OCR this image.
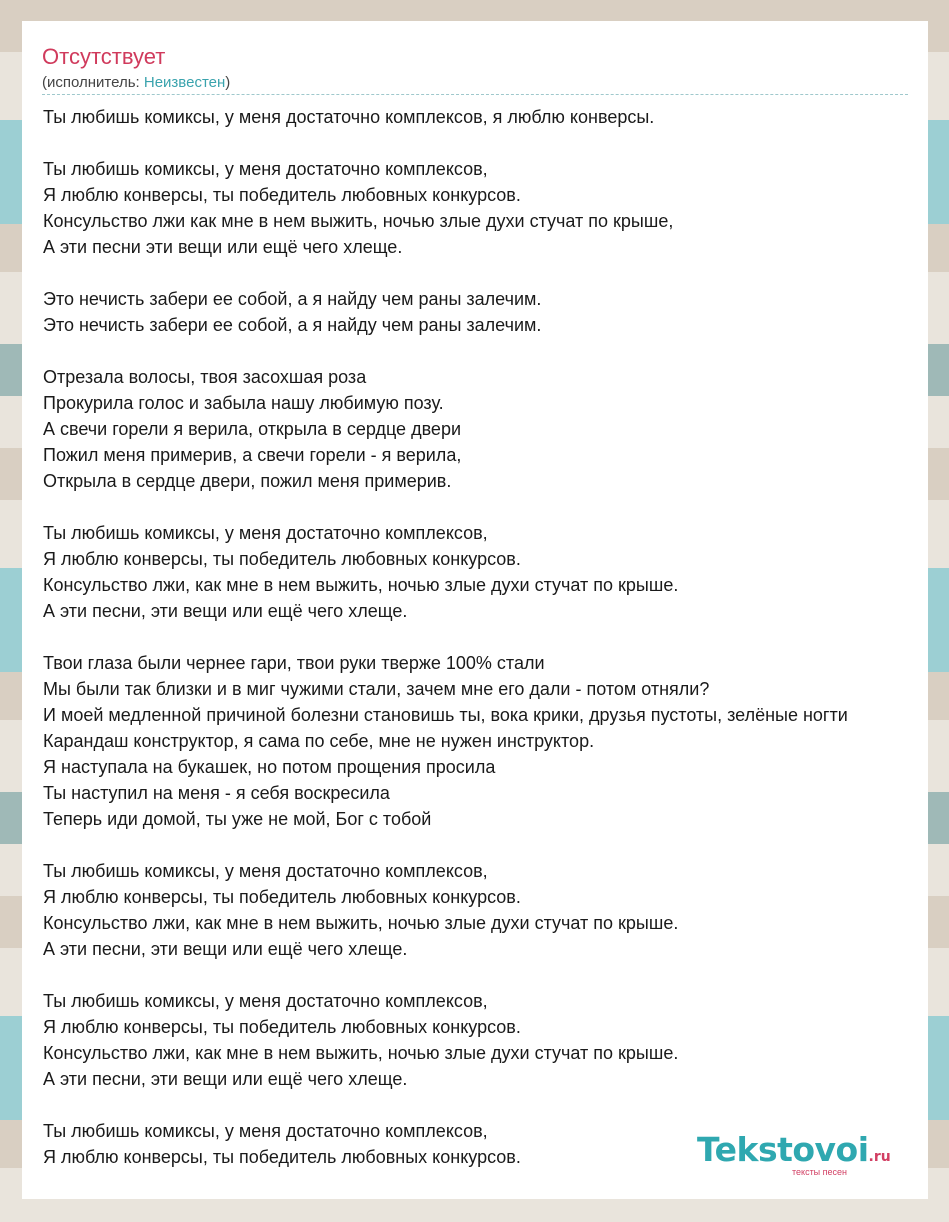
Отсутствует
(исполнитель: Неизвестен)
Ты любишь комиксы, у меня достаточно комплексов, я люблю конверсы.
Ты любишь комиксы, у меня достаточно комплексов,
Я люблю конверсы, ты победитель любовных конкурсов.
Консульство лжи как мне в нем выжить, ночью злые духи стучат по крыше,
А эти песни эти вещи или ещё чего хлеще.
Это нечисть забери ее собой, а я найду чем раны залечим.
Это нечисть забери ее собой, а я найду чем раны залечим.
Отрезала волосы, твоя засохшая роза
Прокурила голос и забыла нашу любимую позу.
А свечи горели я верила, открыла в сердце двери
Пожил меня примерив, а свечи горели - я верила,
Открыла в сердце двери, пожил меня примерив.
Ты любишь комиксы, у меня достаточно комплексов,
Я люблю конверсы, ты победитель любовных конкурсов.
Консульство лжи, как мне в нем выжить, ночью злые духи стучат по крыше.
А эти песни, эти вещи или ещё чего хлеще.
Твои глаза были чернее гари, твои руки тверже 100% стали
Мы были так близки и в миг чужими стали, зачем мне его дали - потом отняли?
И моей медленной причиной болезни становишь ты, вока крики, друзья пустоты, зелёные ногти
Карандаш конструктор, я сама по себе, мне не нужен инструктор.
Я наступала на букашек, но потом прощения просила
Ты наступил на меня - я себя воскресила
Теперь иди домой, ты уже не мой, Бог с тобой
Ты любишь комиксы, у меня достаточно комплексов,
Я люблю конверсы, ты победитель любовных конкурсов.
Консульство лжи, как мне в нем выжить, ночью злые духи стучат по крыше.
А эти песни, эти вещи или ещё чего хлеще.
Ты любишь комиксы, у меня достаточно комплексов,
Я люблю конверсы, ты победитель любовных конкурсов.
Консульство лжи, как мне в нем выжить, ночью злые духи стучат по крыше.
А эти песни, эти вещи или ещё чего хлеще.
Ты любишь комиксы, у меня достаточно комплексов,
Я люблю конверсы, ты победитель любовных конкурсов.	Tekstovoi.ru
тексты песен
